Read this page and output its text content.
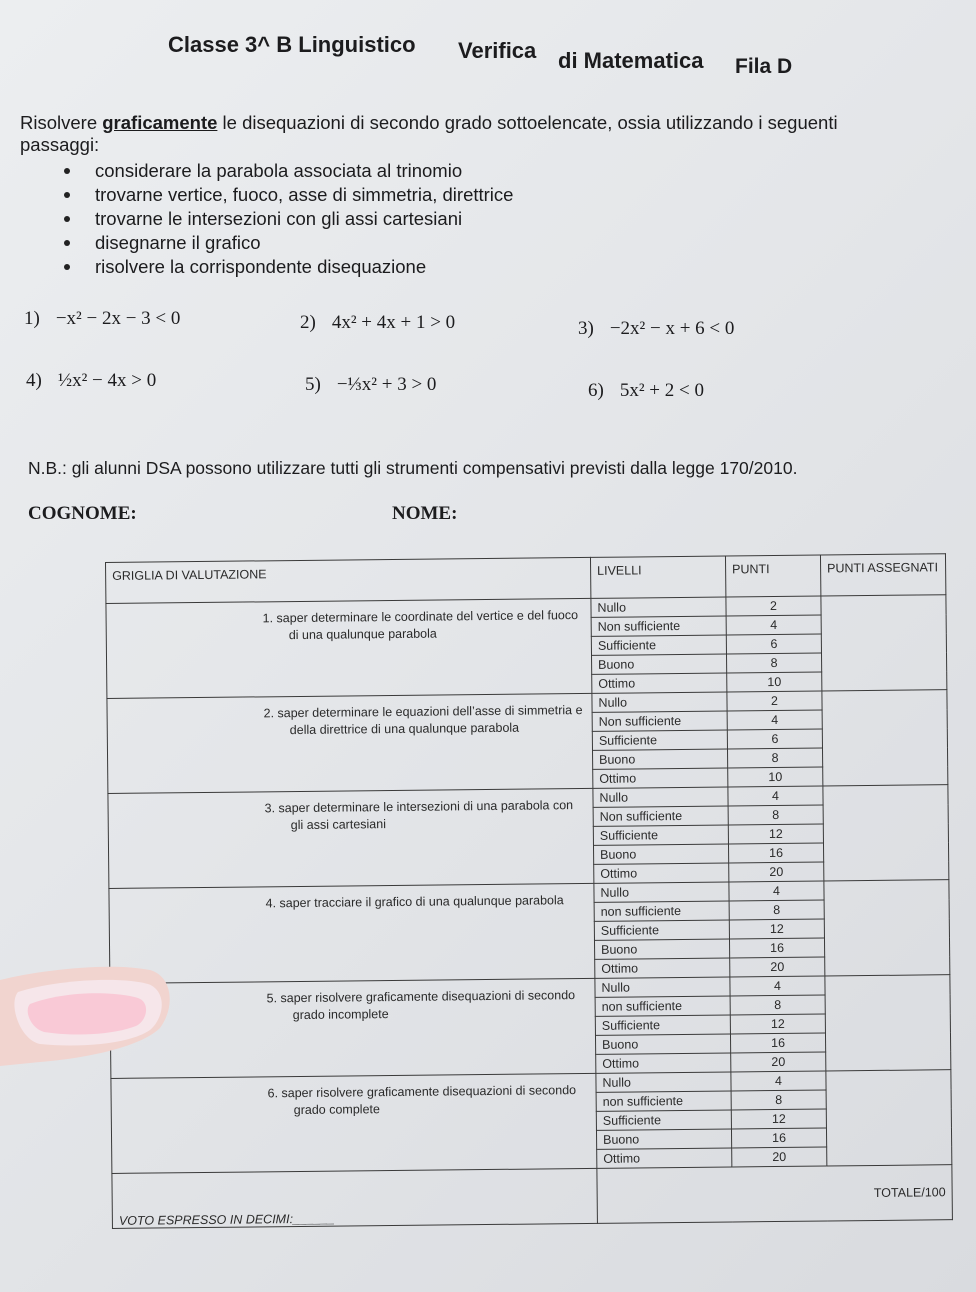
Classe 3^ B Linguistico Verifica di Matematica Fila D
Risolvere graficamente le disequazioni di secondo grado sottoelencate, ossia utilizzando i seguenti passaggi:
considerare la parabola associata al trinomio
trovarne vertice, fuoco, asse di simmetria, direttrice
trovarne le intersezioni con gli assi cartesiani
disegnarne il grafico
risolvere la corrispondente disequazione
1) −x² − 2x − 3 < 0	2) 4x² + 4x + 1 > 0	3) −2x² − x + 6 < 0
4) ½x² − 4x > 0	5) −⅓x² + 3 > 0	6) 5x² + 2 < 0
N.B.: gli alunni DSA possono utilizzare tutti gli strumenti compensativi previsti dalla legge 170/2010.
COGNOME:	NOME:
GRIGLIA DI VALUTAZIONE	LIVELLI	PUNTI	PUNTI ASSEGNATI
1. saper determinare le coordinate del vertice e del fuoco di una qualunque parabola	Nullo	2	
	Non sufficiente	4	
	Sufficiente	6	
	Buono	8	
	Ottimo	10	
2. saper determinare le equazioni dell’asse di simmetria e della direttrice di una qualunque parabola	Nullo	2	
	Non sufficiente	4	
	Sufficiente	6	
	Buono	8	
	Ottimo	10	
3. saper determinare le intersezioni di una parabola con gli assi cartesiani	Nullo	4	
	Non sufficiente	8	
	Sufficiente	12	
	Buono	16	
	Ottimo	20	
4. saper tracciare il grafico di una qualunque parabola	Nullo	4	
	non sufficiente	8	
	Sufficiente	12	
	Buono	16	
	Ottimo	20	
5. saper risolvere graficamente disequazioni di secondo grado incomplete	Nullo	4	
	non sufficiente	8	
	Sufficiente	12	
	Buono	16	
	Ottimo	20	
6. saper risolvere graficamente disequazioni di secondo grado complete	Nullo	4	
	non sufficiente	8	
	Sufficiente	12	
	Buono	16	
	Ottimo	20	
VOTO ESPRESSO IN DECIMI:______	TOTALE/100		
